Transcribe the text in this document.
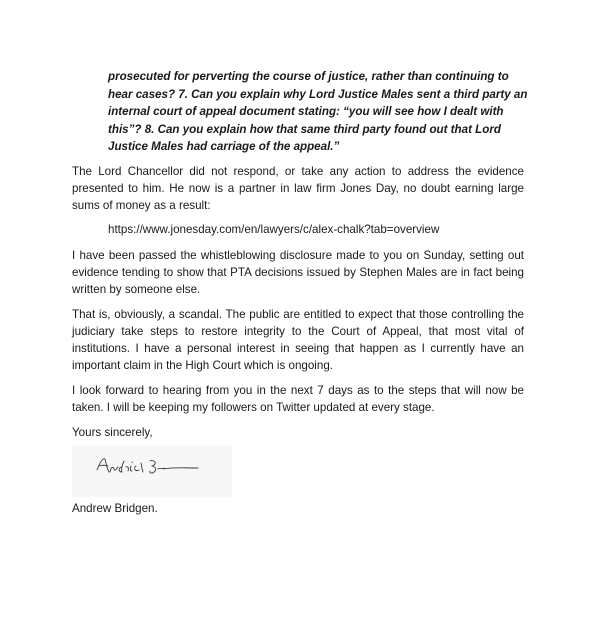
prosecuted for perverting the course of justice, rather than continuing to hear cases? 7. Can you explain why Lord Justice Males sent a third party an internal court of appeal document stating: “you will see how I dealt with this”? 8. Can you explain how that same third party found out that Lord Justice Males had carriage of the appeal.”

The Lord Chancellor did not respond, or take any action to address the evidence presented to him. He now is a partner in law firm Jones Day, no doubt earning large sums of money as a result:

https://www.jonesday.com/en/lawyers/c/alex-chalk?tab=overview

I have been passed the whistleblowing disclosure made to you on Sunday, setting out evidence tending to show that PTA decisions issued by Stephen Males are in fact being written by someone else.

That is, obviously, a scandal. The public are entitled to expect that those controlling the judiciary take steps to restore integrity to the Court of Appeal, that most vital of institutions. I have a personal interest in seeing that happen as I currently have an important claim in the High Court which is ongoing.

I look forward to hearing from you in the next 7 days as to the steps that will now be taken. I will be keeping my followers on Twitter updated at every stage.

Yours sincerely,

Andrew Bridgen.
